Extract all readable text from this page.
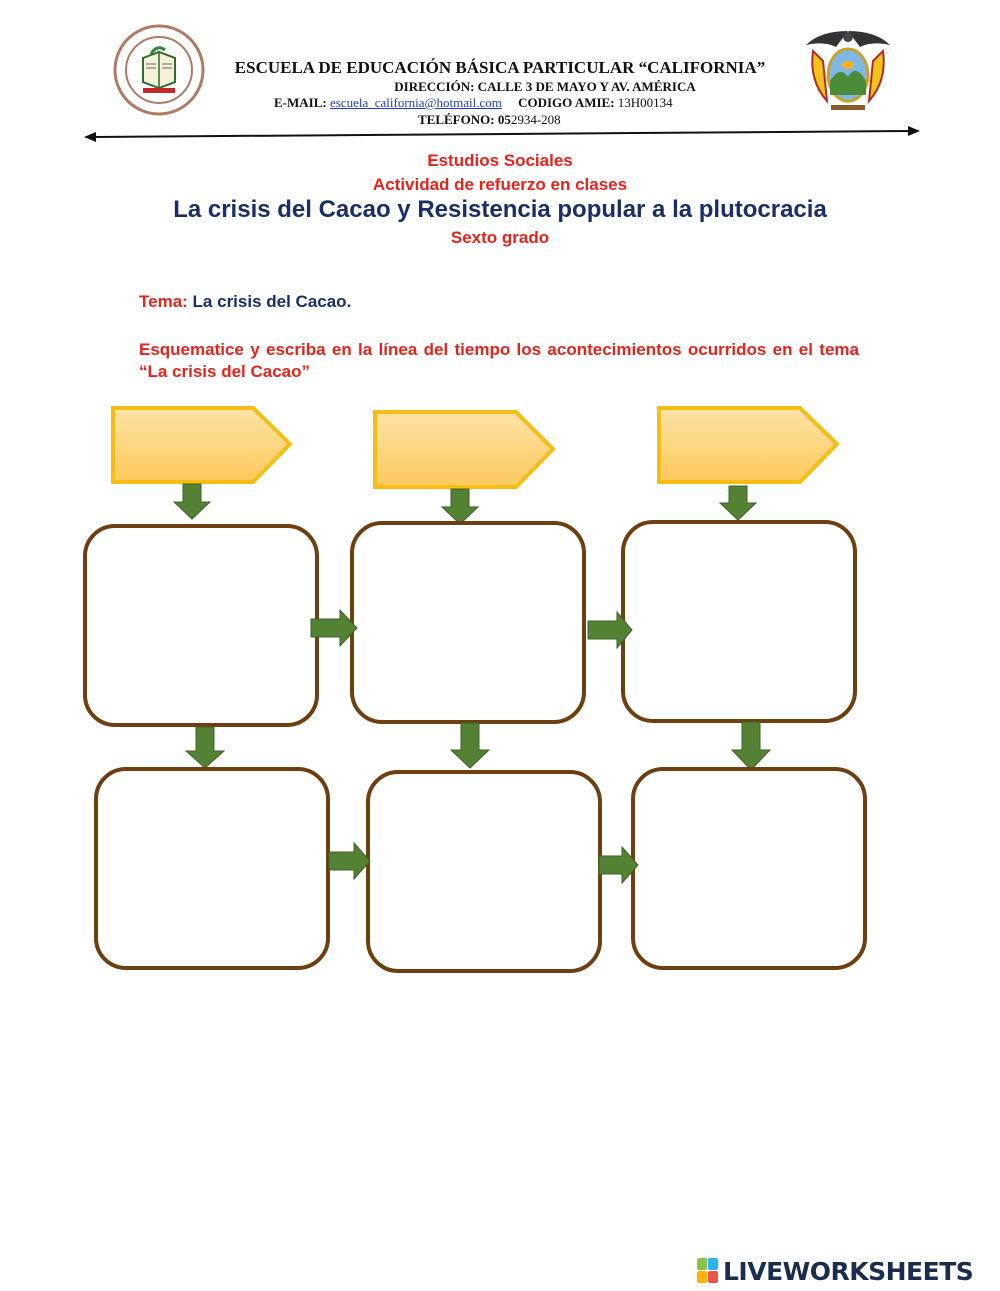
ESCUELA DE EDUCACIÓN BÁSICA PARTICULAR “CALIFORNIA”
DIRECCIÓN: CALLE 3 DE MAYO Y AV. AMÉRICA
E-MAIL: escuela_california@hotmail.com CODIGO AMIE: 13H00134
TELÉFONO: 052934-208
Estudios Sociales
Actividad de refuerzo en clases
La crisis del Cacao y Resistencia popular a la plutocracia
Sexto grado
Tema: La crisis del Cacao.
Esquematice y escriba en la línea del tiempo los acontecimientos ocurridos en el tema “La crisis del Cacao”
LIVEWORKSHEETS
